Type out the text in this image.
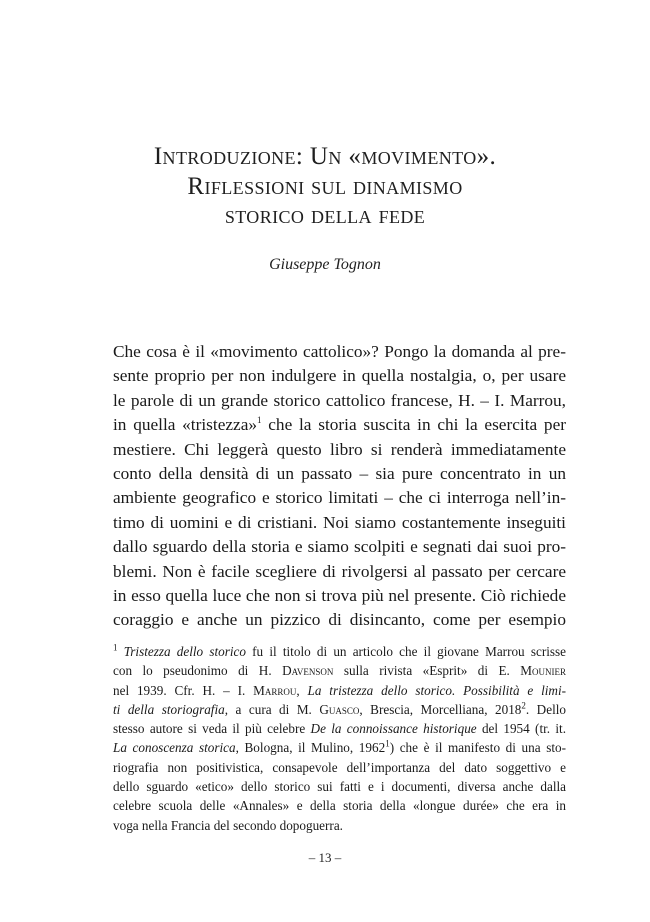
Introduzione: Un «movimento».
Riflessioni sul dinamismo
storico della fede
Giuseppe Tognon
Che cosa è il «movimento cattolico»? Pongo la domanda al pre-
sente proprio per non indulgere in quella nostalgia, o, per usare
le parole di un grande storico cattolico francese, H. – I. Marrou,
in quella «tristezza»$^1$ che la storia suscita in chi la esercita per
mestiere. Chi leggerà questo libro si renderà immediatamente
conto della densità di un passato – sia pure concentrato in un
ambiente geografico e storico limitati – che ci interroga nell’in-
timo di uomini e di cristiani. Noi siamo costantemente inseguiti
dallo sguardo della storia e siamo scolpiti e segnati dai suoi pro-
blemi. Non è facile scegliere di rivolgersi al passato per cercare
in esso quella luce che non si trova più nel presente. Ciò richiede
coraggio e anche un pizzico di disincanto, come per esempio
$^1$ Tristezza dello storico fu il titolo di un articolo che il giovane Marrou scrisse
con lo pseudonimo di H. Davenson sulla rivista «Esprit» di E. Mounier
nel 1939. Cfr. H. – I. Marrou, La tristezza dello storico. Possibilità e limi-
ti della storiografia, a cura di M. Guasco, Brescia, Morcelliana, 2018$^2$. Dello
stesso autore si veda il più celebre De la connoissance historique del 1954 (tr. it.
La conoscenza storica, Bologna, il Mulino, 1962$^1$) che è il manifesto di una sto-
riografia non positivistica, consapevole dell’importanza del dato soggettivo e
dello sguardo «etico» dello storico sui fatti e i documenti, diversa anche dalla
celebre scuola delle «Annales» e della storia della «longue durée» che era in
voga nella Francia del secondo dopoguerra.
– 13 –
